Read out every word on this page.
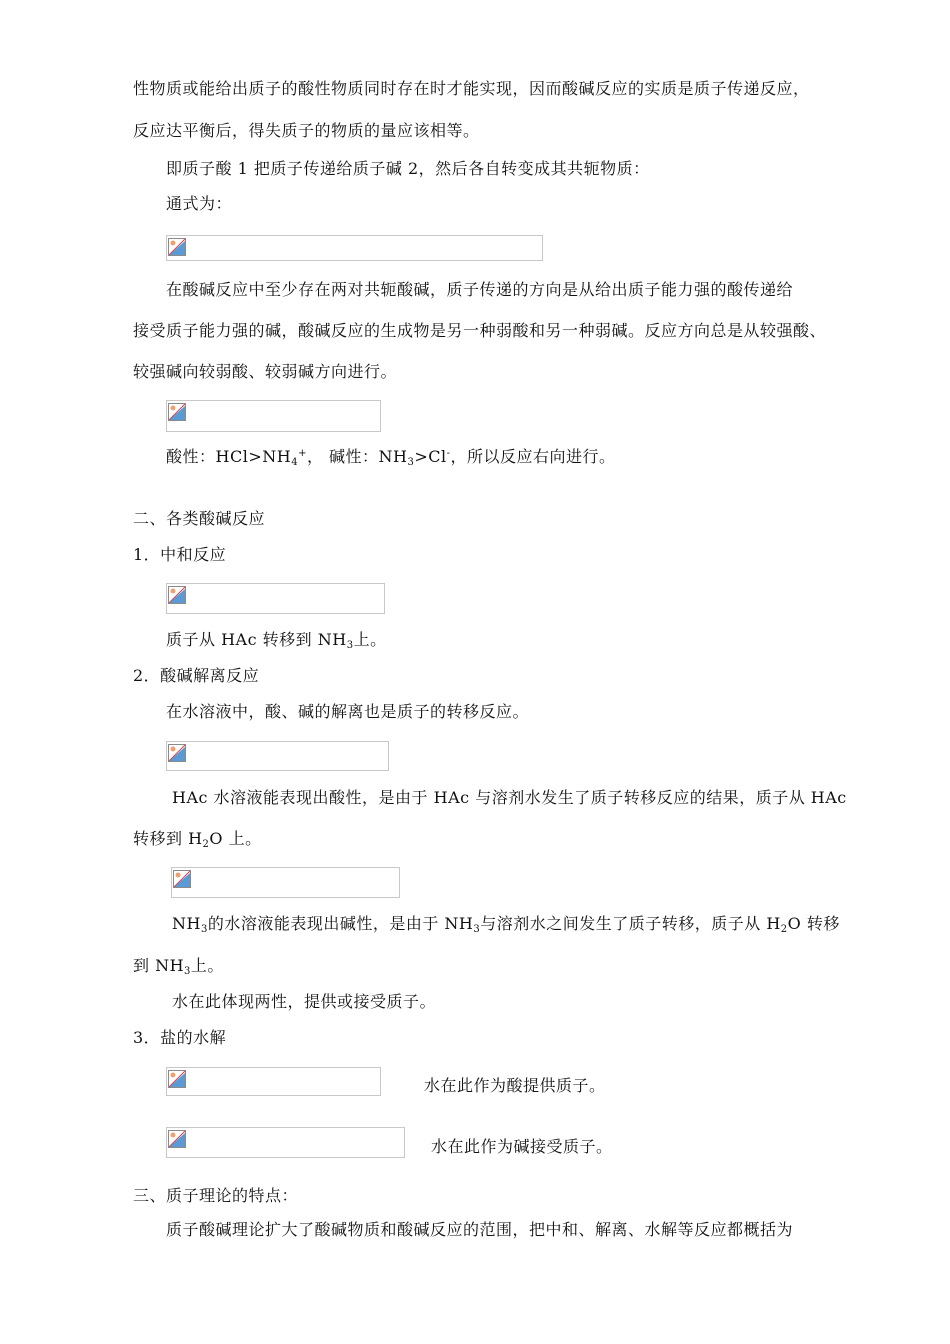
性物质或能给出质子的酸性物质同时存在时才能实现，因而酸碱反应的实质是质子传递反应，
反应达平衡后，得失质子的物质的量应该相等。
即质子酸 1 把质子传递给质子碱 2，然后各自转变成其共轭物质：
通式为：
在酸碱反应中至少存在两对共轭酸碱，质子传递的方向是从给出质子能力强的酸传递给
接受质子能力强的碱，酸碱反应的生成物是另一种弱酸和另一种弱碱。反应方向总是从较强酸、
较强碱向较弱酸、较弱碱方向进行。
酸性：$HCl>NH_4^+$， 碱性：$NH_3>Cl^-$，所以反应右向进行。
二、各类酸碱反应
1．中和反应
质子从 HAc 转移到 $NH_3$上。
2．酸碱解离反应
在水溶液中，酸、碱的解离也是质子的转移反应。
HAc 水溶液能表现出酸性，是由于 HAc 与溶剂水发生了质子转移反应的结果，质子从 HAc
转移到 $H_2O$ 上。
$NH_3$的水溶液能表现出碱性，是由于 $NH_3$与溶剂水之间发生了质子转移，质子从 $H_2O$ 转移
到 $NH_3$上。
水在此体现两性，提供或接受质子。
3．盐的水解
水在此作为酸提供质子。
水在此作为碱接受质子。
三、质子理论的特点：
质子酸碱理论扩大了酸碱物质和酸碱反应的范围，把中和、解离、水解等反应都概括为
